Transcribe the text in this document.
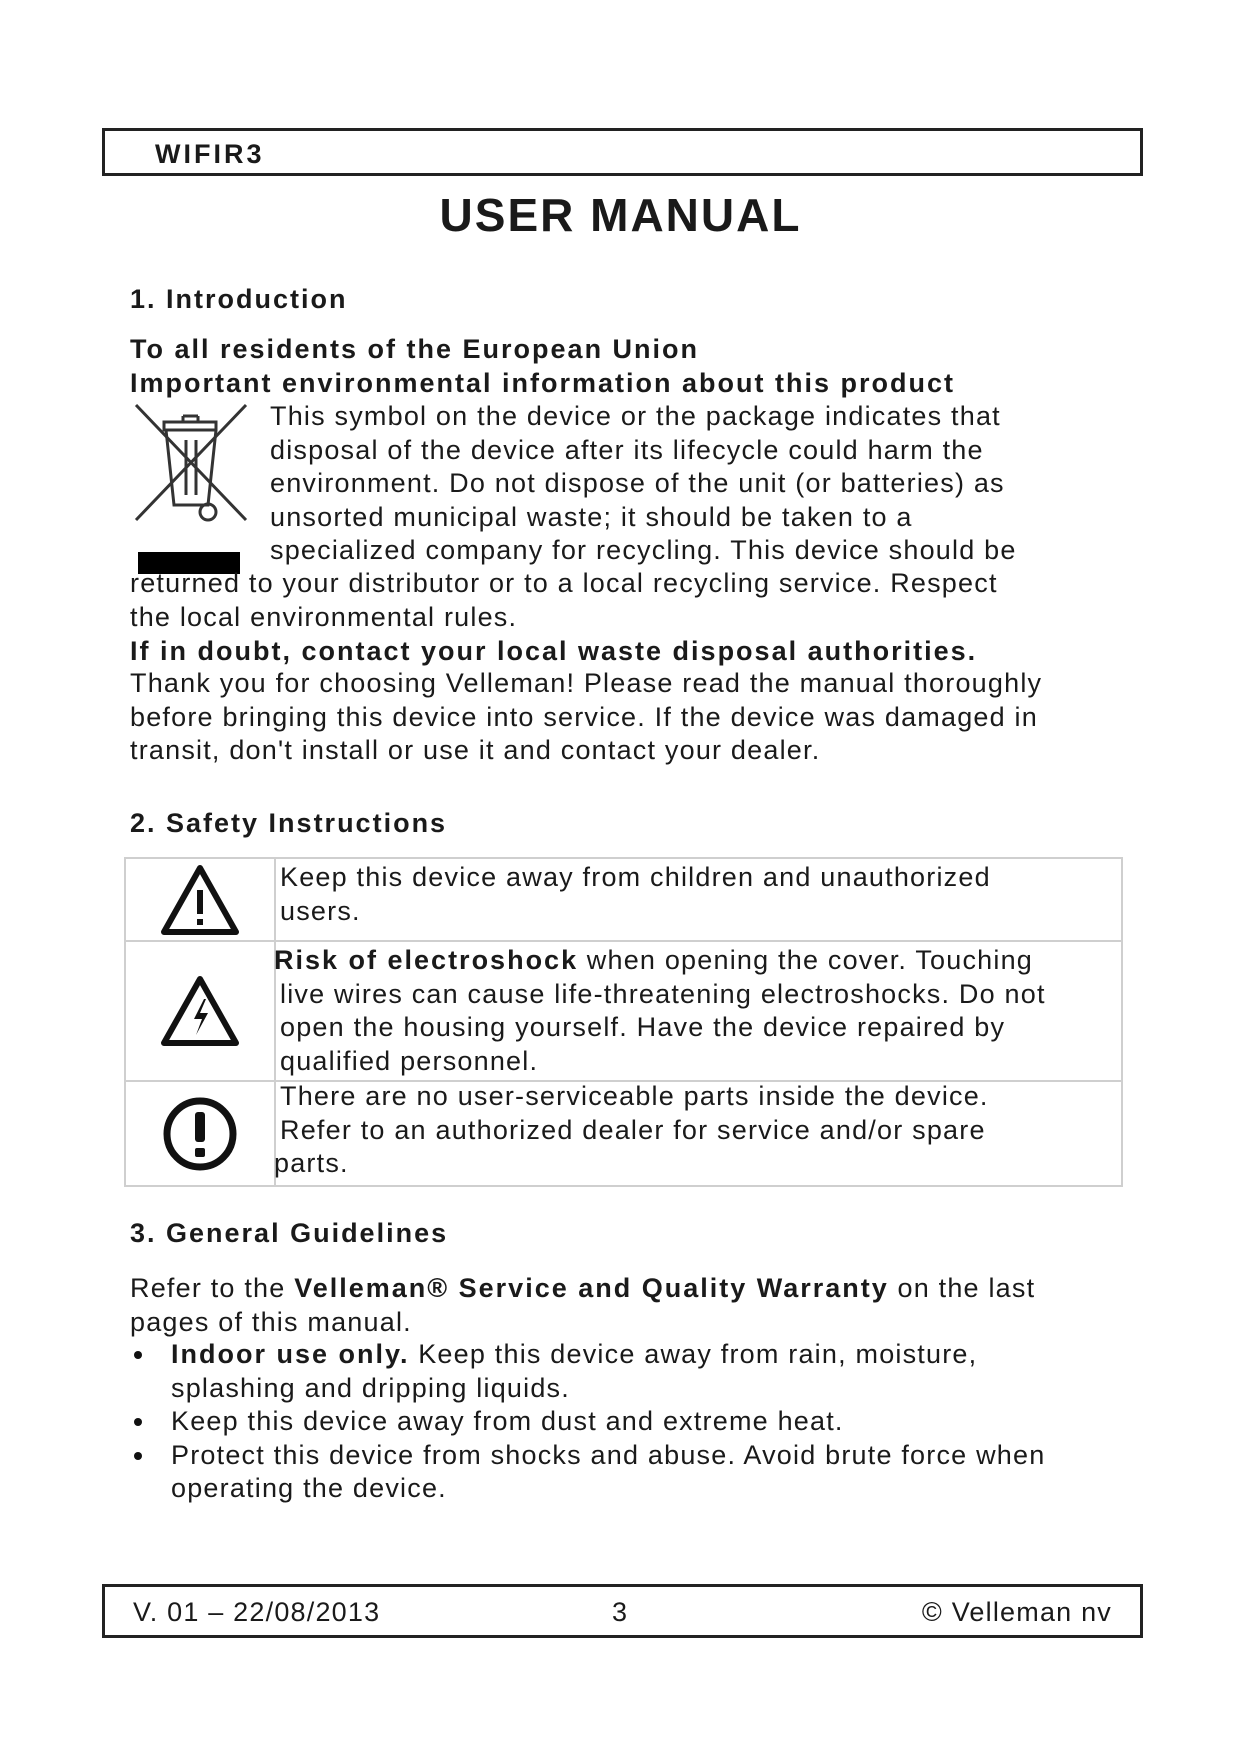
WIFIR3
USER MANUAL
1. Introduction
To all residents of the European Union
Important environmental information about this product
This symbol on the device or the package indicates that
disposal of the device after its lifecycle could harm the
environment. Do not dispose of the unit (or batteries) as
unsorted municipal waste; it should be taken to a
specialized company for recycling. This device should be
returned to your distributor or to a local recycling service. Respect
the local environmental rules.
If in doubt, contact your local waste disposal authorities.
Thank you for choosing Velleman! Please read the manual thoroughly
before bringing this device into service. If the device was damaged in
transit, don't install or use it and contact your dealer.
2. Safety Instructions
Keep this device away from children and unauthorized
users.
Risk of electroshock when opening the cover. Touching
live wires can cause life-threatening electroshocks. Do not
open the housing yourself. Have the device repaired by
qualified personnel.
There are no user-serviceable parts inside the device.
Refer to an authorized dealer for service and/or spare
parts.
3. General Guidelines
Refer to the Velleman® Service and Quality Warranty on the last
pages of this manual.
Indoor use only. Keep this device away from rain, moisture,
splashing and dripping liquids.
Keep this device away from dust and extreme heat.
Protect this device from shocks and abuse. Avoid brute force when
operating the device.
V. 01 – 22/08/2013	3	© Velleman nv
